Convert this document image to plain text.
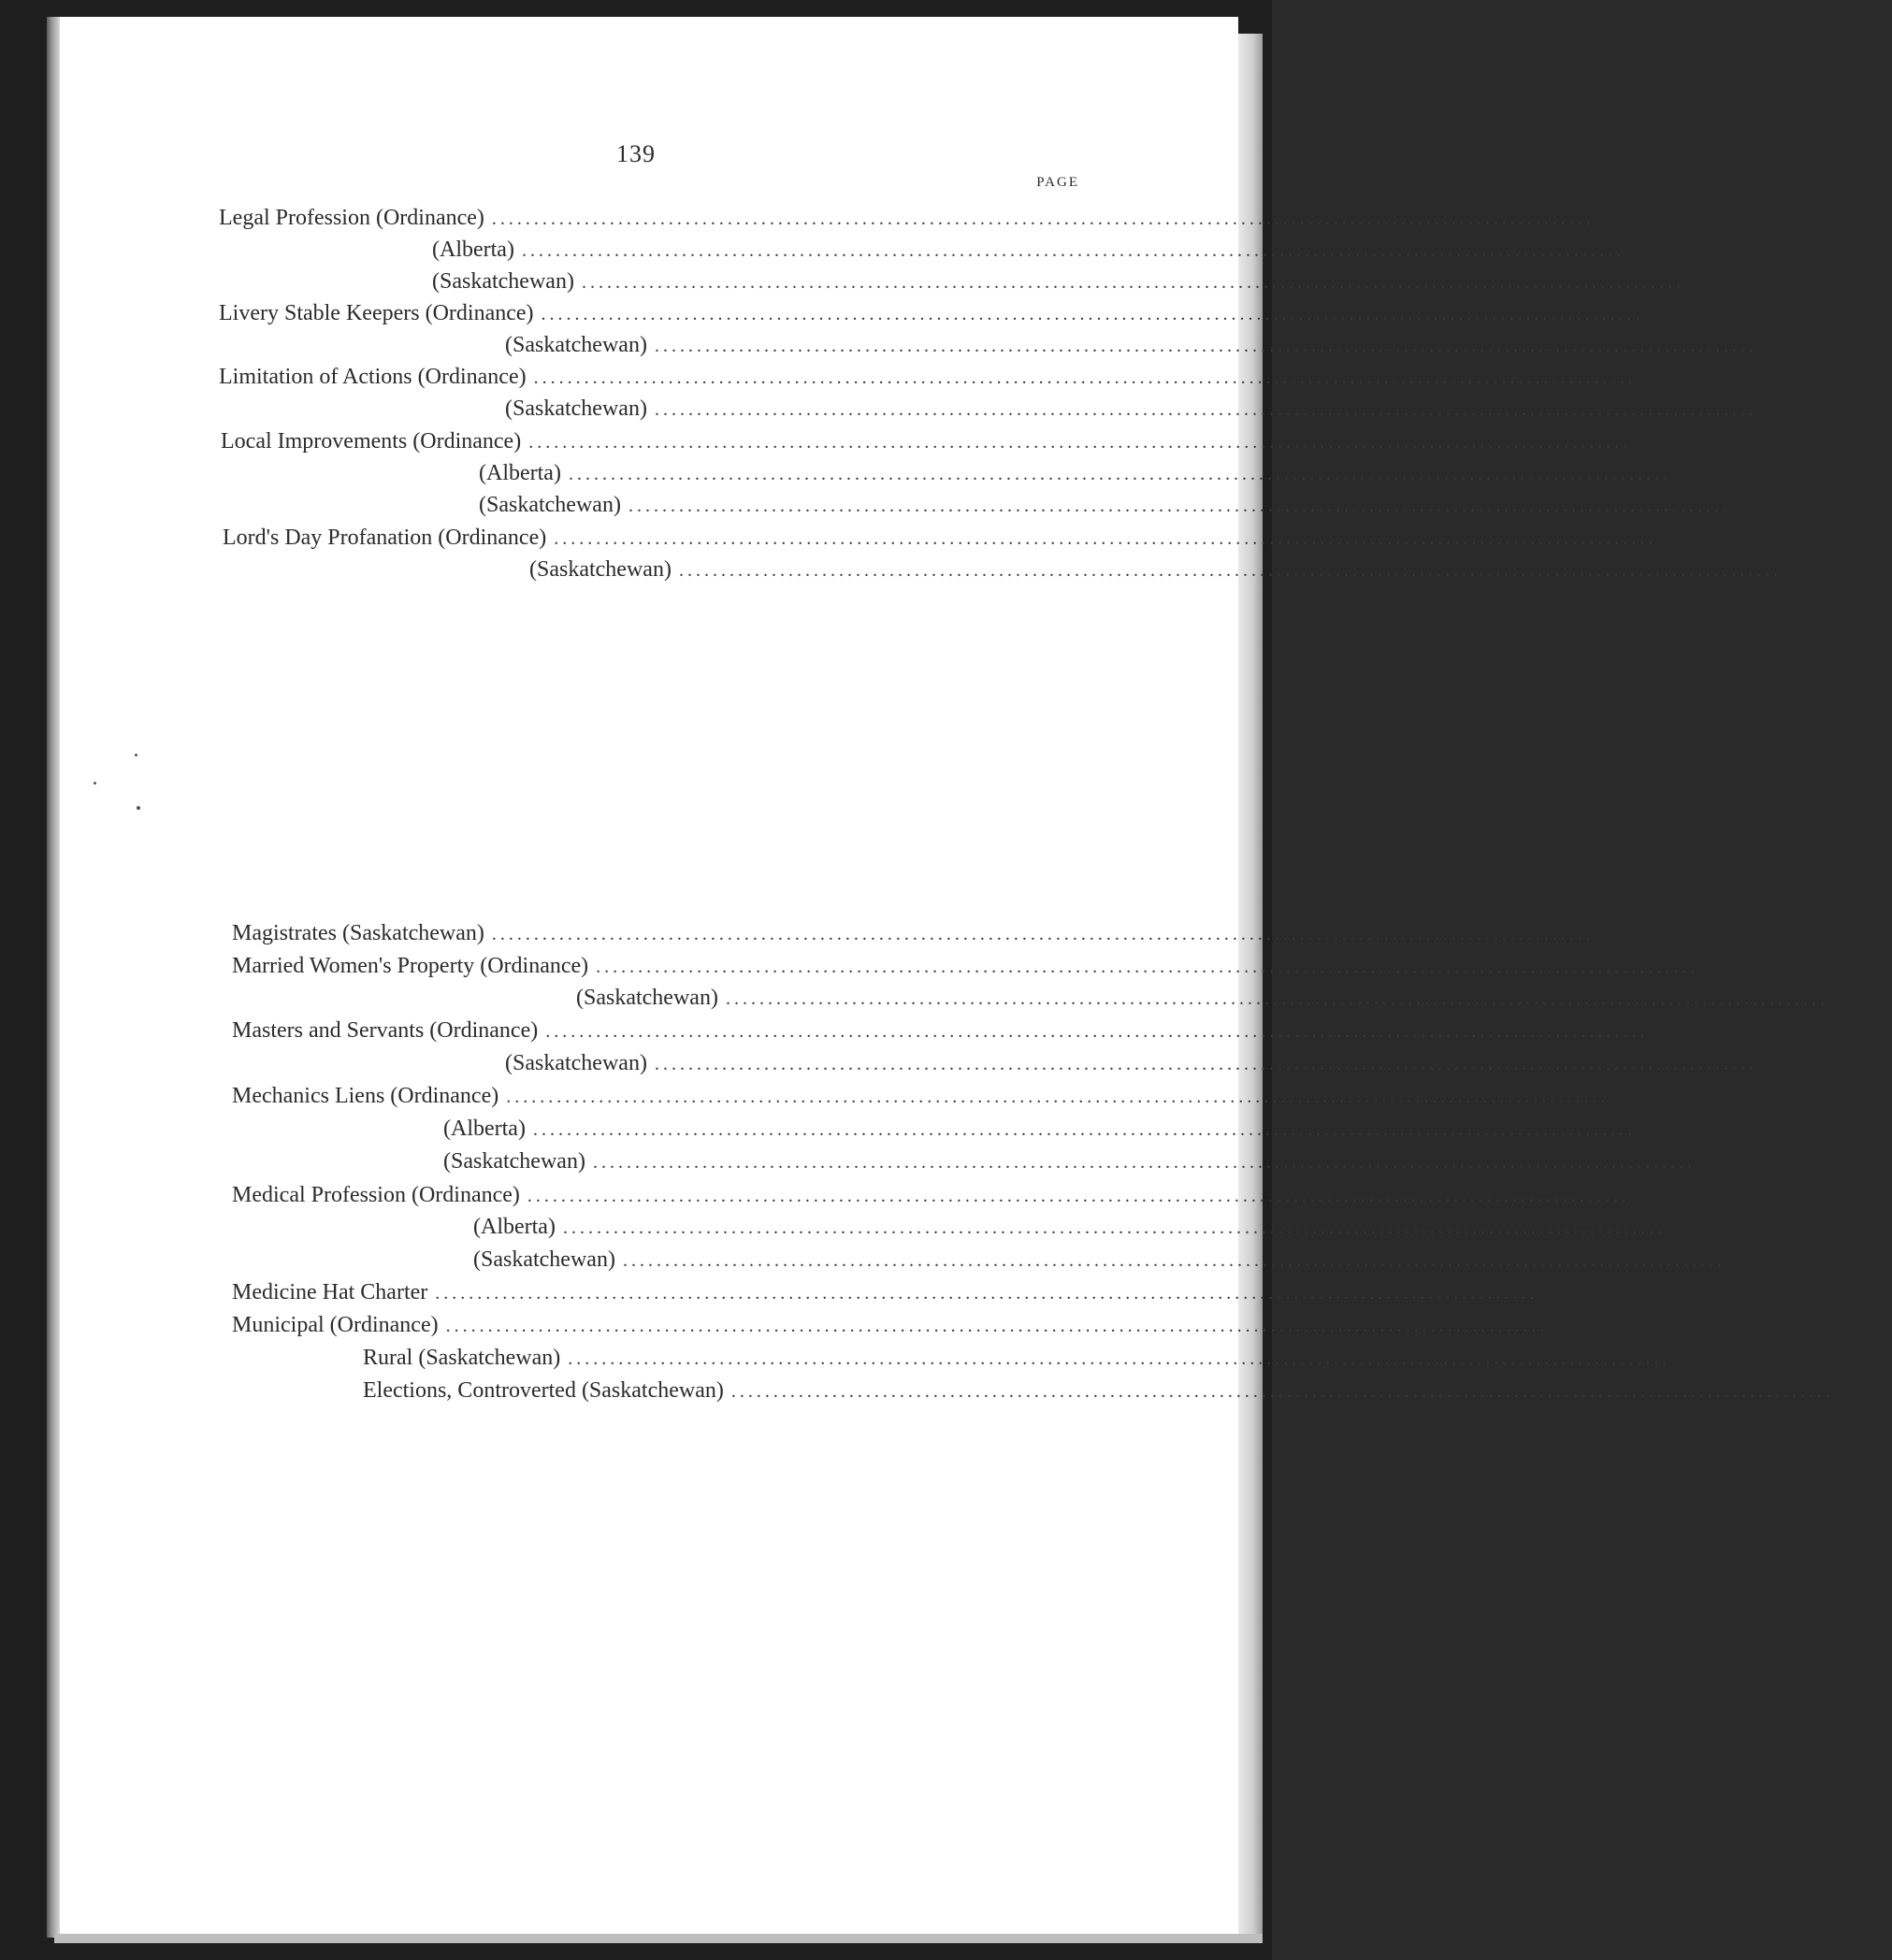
139
PAGE
Legal Profession (Ordinance) ................................................................................................................................... 35
(Alberta) ................................................................................................................................... 131
(Saskatchewan) ................................................................................................................................... 58, 88
Livery Stable Keepers (Ordinance) ................................................................................................................................... 35
(Saskatchewan) ................................................................................................................................... 94
Limitation of Actions (Ordinance) ................................................................................................................................... 27
(Saskatchewan) ................................................................................................................................... 70
Local Improvements (Ordinance) ................................................................................................................................... 47
(Alberta) ................................................................................................................................... 130
(Saskatchewan) ................................................................................................................................... 54, 82
Lord's Day Profanation (Ordinance) ................................................................................................................................... 41
(Saskatchewan) ................................................................................................................................... 75
Magistrates (Saskatchewan) ................................................................................................................................... 48
Married Women's Property (Ordinance) ................................................................................................................................... 34
(Saskatchewan) ................................................................................................................................... 58, 68
Masters and Servants (Ordinance) ................................................................................................................................... 48
(Saskatchewan) ................................................................................................................................... 102
Mechanics Liens (Ordinance) ................................................................................................................................... 35
(Alberta) ................................................................................................................................... 122
(Saskatchewan) ................................................................................................................................... 59, 102
Medical Profession (Ordinance) ................................................................................................................................... 35
(Alberta) ................................................................................................................................... 127
(Saskatchewan) ................................................................................................................................... 54, 89
Medicine Hat Charter ................................................................................................................................... 127
Municipal (Ordinance) ................................................................................................................................... 36
Rural (Saskatchewan) ................................................................................................................................... 82, 84
Elections, Controverted (Saskatchewan) ................................................................................................................................... 86
